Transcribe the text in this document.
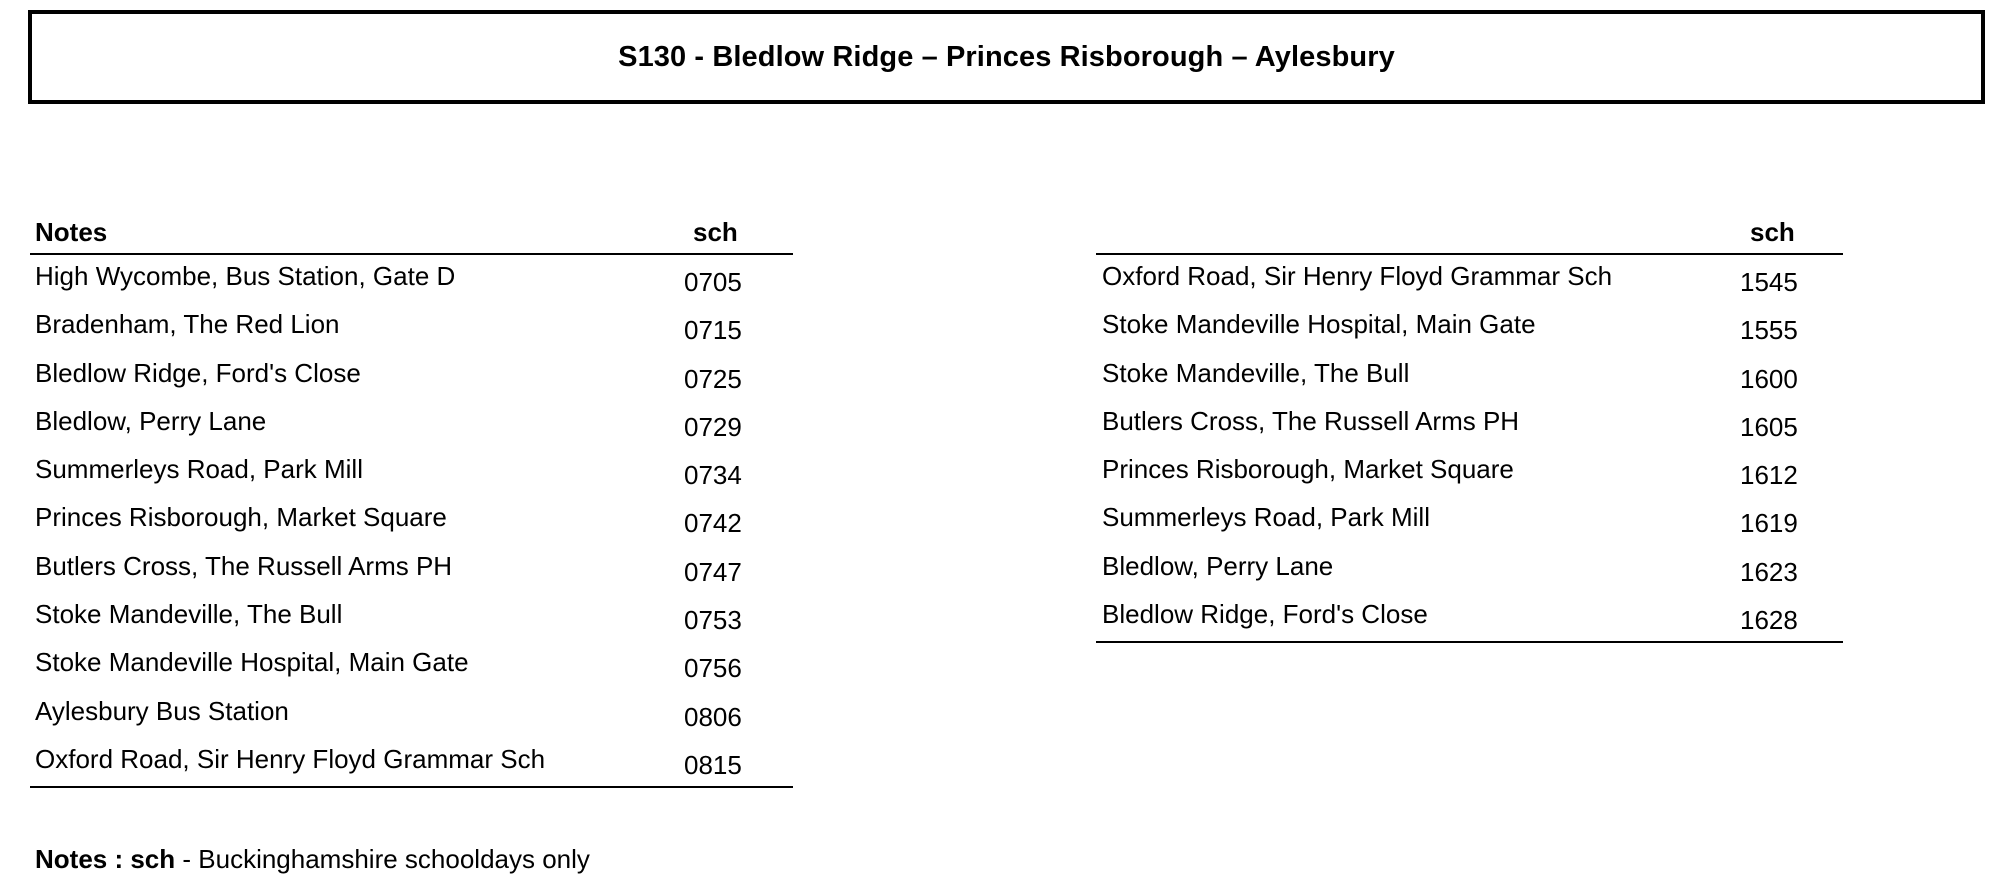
S130 - Bledlow Ridge – Princes Risborough – Aylesbury
Notes	sch
High Wycombe, Bus Station, Gate D	0705
Bradenham, The Red Lion	0715
Bledlow Ridge, Ford's Close	0725
Bledlow, Perry Lane	0729
Summerleys Road, Park Mill	0734
Princes Risborough, Market Square	0742
Butlers Cross, The Russell Arms PH	0747
Stoke Mandeville, The Bull	0753
Stoke Mandeville Hospital, Main Gate	0756
Aylesbury Bus Station	0806
Oxford Road, Sir Henry Floyd Grammar Sch	0815
sch
Oxford Road, Sir Henry Floyd Grammar Sch	1545
Stoke Mandeville Hospital, Main Gate	1555
Stoke Mandeville, The Bull	1600
Butlers Cross, The Russell Arms PH	1605
Princes Risborough, Market Square	1612
Summerleys Road, Park Mill	1619
Bledlow, Perry Lane	1623
Bledlow Ridge, Ford's Close	1628
Notes : sch - Buckinghamshire schooldays only
